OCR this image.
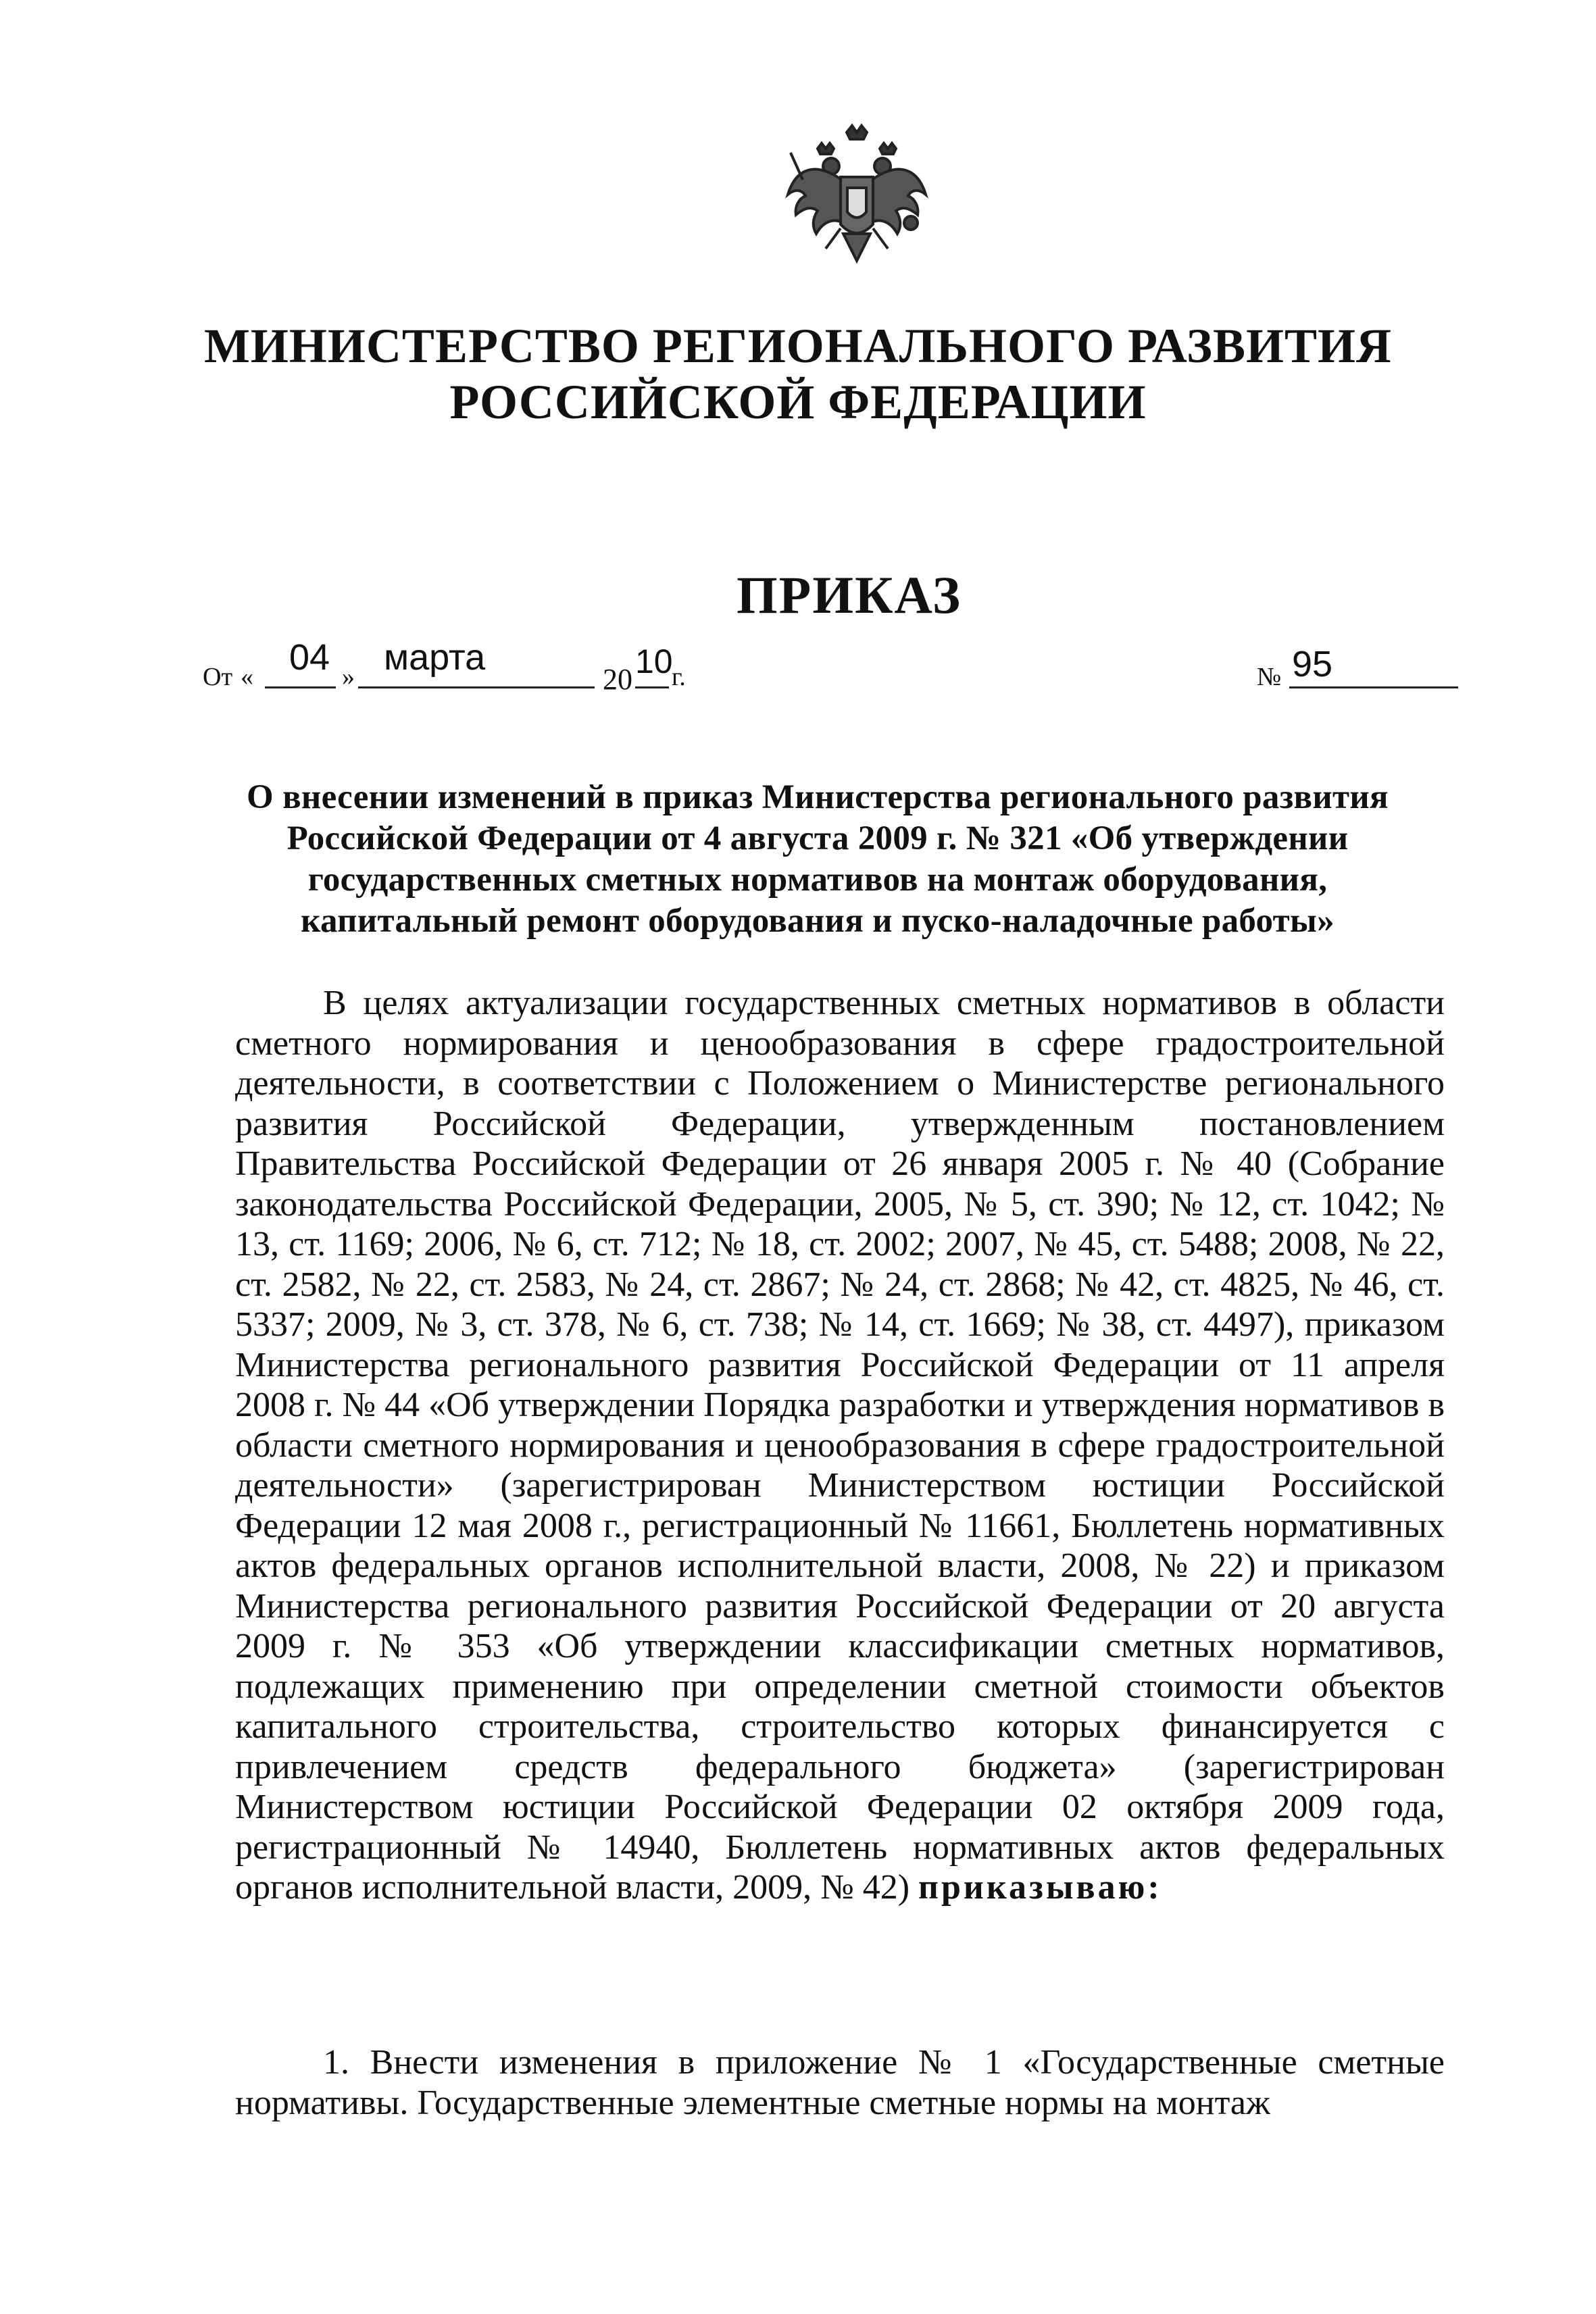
МИНИСТЕРСТВО РЕГИОНАЛЬНОГО РАЗВИТИЯ
РОССИЙСКОЙ ФЕДЕРАЦИИ
ПРИКАЗ
От « 04 » марта
20 10
г.	№ 95
О внесении изменений в приказ Министерства регионального развития Российской Федерации от 4 августа 2009 г. № 321 «Об утверждении государственных сметных нормативов на монтаж оборудования, капитальный ремонт оборудования и пуско-наладочные работы»
В целях актуализации государственных сметных нормативов в области сметного нормирования и ценообразования в сфере градостроительной деятельности, в соответствии с Положением о Министерстве регионального развития Российской Федерации, утвержденным постановлением Правительства Российской Федерации от 26 января 2005 г. № 40 (Собрание законодательства Российской Федерации, 2005, № 5, ст. 390; № 12, ст. 1042; № 13, ст. 1169; 2006, № 6, ст. 712; № 18, ст. 2002; 2007, № 45, ст. 5488; 2008, № 22, ст. 2582, № 22, ст. 2583, № 24, ст. 2867; № 24, ст. 2868; № 42, ст. 4825, № 46, ст. 5337; 2009, № 3, ст. 378, № 6, ст. 738; № 14, ст. 1669; № 38, ст. 4497), приказом Министерства регионального развития Российской Федерации от 11 апреля 2008 г. № 44 «Об утверждении Порядка разработки и утверждения нормативов в области сметного нормирования и ценообразования в сфере градостроительной деятельности» (зарегистрирован Министерством юстиции Российской Федерации 12 мая 2008 г., регистрационный № 11661, Бюллетень нормативных актов федеральных органов исполнительной власти, 2008, № 22) и приказом Министерства регионального развития Российской Федерации от 20 августа 2009 г. № 353 «Об утверждении классификации сметных нормативов, подлежащих применению при определении сметной стоимости объектов капитального строительства, строительство которых финансируется с привлечением средств федерального бюджета» (зарегистрирован Министерством юстиции Российской Федерации 02 октября 2009 года, регистрационный № 14940, Бюллетень нормативных актов федеральных органов исполнительной власти, 2009, № 42) приказываю:
1. Внести изменения в приложение № 1 «Государственные сметные нормативы. Государственные элементные сметные нормы на монтаж
